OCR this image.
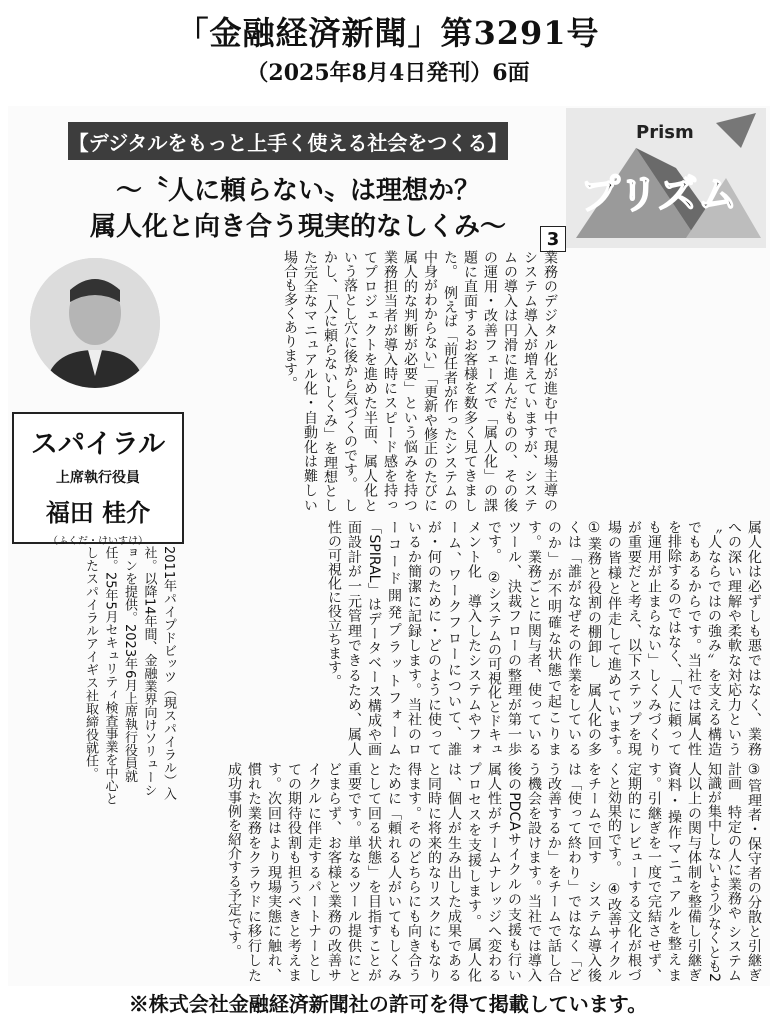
「金融経済新聞」第3291号
（2025年8月4日発刊）6面
【デジタルをもっと上手く使える社会をつくる】
～〝人に頼らない〟は理想か？
属人化と向き合う現実的なしくみ～	3
Prism
プリズム
スパイラル
上席執行役員
福田 桂介
（ふくだ・けいすけ）
2011年パイプドビッツ（現スパイラル）入社。以降14年間、金融業界向けソリューションを提供。2023年6月上席執行役員就任。25年5月セキュリティ検査事業を中心としたスパイラルアイギス社取締役就任。
業務のデジタル化が進む中で現場主導のシステム導入が増えていますが、システムの導入は円滑に進んだものの、その後の運用・改善フェーズで「属人化」の課題に直面するお客様を数多く見てきました。　例えば「前任者が作ったシステムの中身がわからない」「更新や修正のたびに属人的な判断が必要」という悩みを持つ業務担当者が導入時にスピード感を持ってプロジェクトを進めた半面、属人化という落とし穴に後から気づくのです。　しかし、「人に頼らないしくみ」を理想とした完全なマニュアル化・自動化は難しい場合も多くあります。
属人化は必ずしも悪ではなく、業務への深い理解や柔軟な対応力という〝人ならではの強み〟を支える構造でもあるからです。当社では属人性を排除するのではなく、「人に頼っても運用が止まらない」しくみづくりが重要だと考え、以下ステップを現場の皆様と伴走して進めています。　①業務と役割の棚卸し　属人化の多くは「誰がなぜその作業をしているのか」が不明確な状態で起こります。業務ごとに関与者、使っているツール、決裁フローの整理が第一歩です。　②システムの可視化とドキュメント化　導入したシステムやフォーム、ワークフローについて、誰が・何のために・どのように使っているか簡潔に記録します。当社のローコード開発プラットフォーム「SPIRAL」はデータベース構成や画面設計が一元管理できるため、属人性の可視化に役立ちます。
③管理者・保守者の分散と引継ぎ計画　特定の人に業務や システム知識が集中しないよう少なくとも2人以上の関与体制を整備し引継ぎ資料・操作マニュアルを整えます。引継ぎを一度で完結させず、定期的にレビューする文化が根づくと効果的です。　④改善サイクルをチームで回す　システム導入後は「使って終わり」ではなく「どう改善するか」をチームで話し合う機会を設けます。当社では導入後のPDCAサイクルの支援も行い属人性がチームナレッジへ変わるプロセスを支援します。　属人化は、個人が生み出した成果であると同時に将来的なリスクにもなり得ます。そのどちらにも向き合うために「頼れる人がいてもしくみとして回る状態」を目指すことが重要です。単なるツール提供にとどまらず、お客様と業務の改善サイクルに伴走するパートナーとしての期待役割も担うべきと考えます。次回はより現場実態に触れ、慣れた業務をクラウドに移行した成功事例を紹介する予定です。
※株式会社金融経済新聞社の許可を得て掲載しています。
